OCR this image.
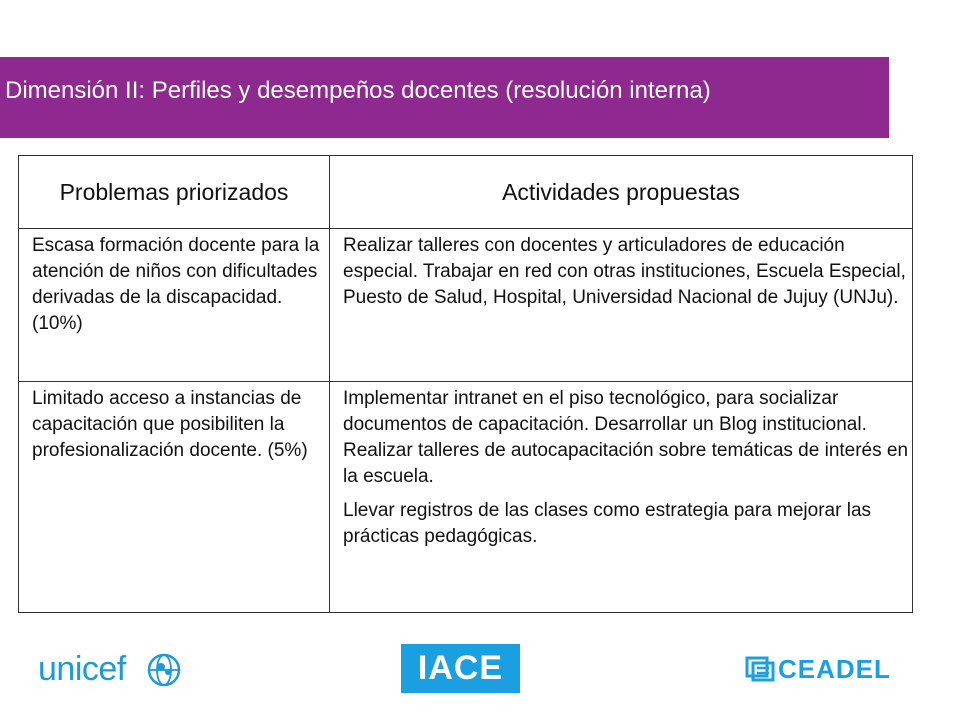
Dimensión II: Perfiles y desempeños docentes (resolución interna)
Problemas priorizados	Actividades propuestas
Escasa formación docente para la atención de niños con dificultades derivadas de la discapacidad. (10%)	Realizar talleres con docentes y articuladores de educación especial. Trabajar en red con otras instituciones, Escuela Especial, Puesto de Salud, Hospital, Universidad Nacional de Jujuy (UNJu).

Limitado acceso a instancias de capacitación que posibiliten la profesionalización docente. (5%)	Implementar intranet en el piso tecnológico, para socializar documentos de capacitación. Desarrollar un Blog institucional. Realizar talleres de autocapacitación sobre temáticas de interés en la escuela.

Llevar registros de las clases como estrategia para mejorar las prácticas pedagógicas.

unicef	IACE	CEADEL
